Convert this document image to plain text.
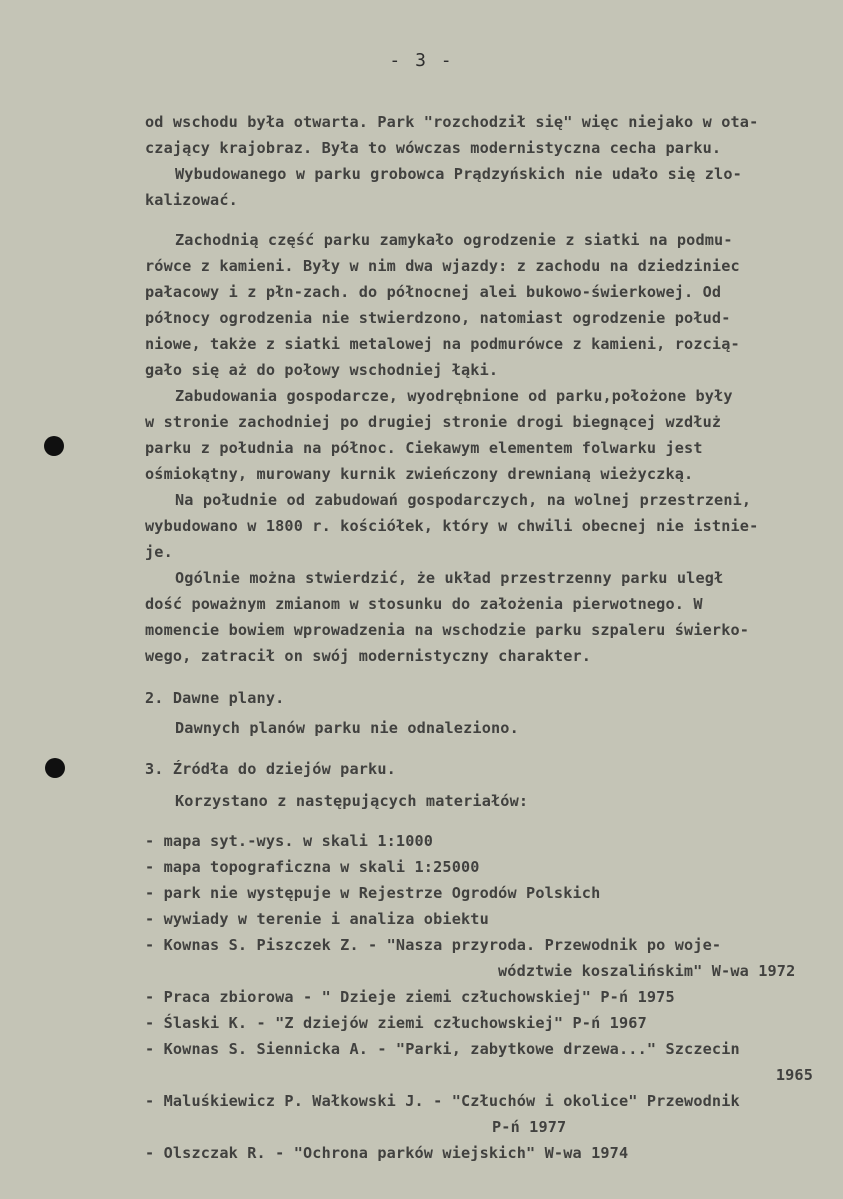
- 3 -
od wschodu była otwarta. Park "rozchodził się" więc niejako w ota-
czający krajobraz. Była to wówczas modernistyczna cecha parku.
Wybudowanego w parku grobowca Prądzyńskich nie udało się zlo-
kalizować.
Zachodnią część parku zamykało ogrodzenie z siatki na podmu-
rówce z kamieni. Były w nim dwa wjazdy: z zachodu na dziedziniec
pałacowy i z płn-zach. do północnej alei bukowo-świerkowej. Od
północy ogrodzenia nie stwierdzono, natomiast ogrodzenie połud-
niowe, także z siatki metalowej na podmurówce z kamieni, rozcią-
gało się aż do połowy wschodniej łąki.
Zabudowania gospodarcze, wyodrębnione od parku,położone były
w stronie zachodniej po drugiej stronie drogi biegnącej wzdłuż
parku z południa na północ. Ciekawym elementem folwarku jest
ośmiokątny, murowany kurnik zwieńczony drewnianą wieżyczką.
Na południe od zabudowań gospodarczych, na wolnej przestrzeni,
wybudowano w 1800 r. kościółek, który w chwili obecnej nie istnie-
je.
Ogólnie można stwierdzić, że układ przestrzenny parku uległ
dość poważnym zmianom w stosunku do założenia pierwotnego. W
momencie bowiem wprowadzenia na wschodzie parku szpaleru świerko-
wego, zatracił on swój modernistyczny charakter.
2. Dawne plany.
Dawnych planów parku nie odnaleziono.
3. Źródła do dziejów parku.
Korzystano z następujących materiałów:
- mapa syt.-wys. w skali 1:1000
- mapa topograficzna w skali 1:25000
- park nie występuje w Rejestrze Ogrodów Polskich
- wywiady w terenie i analiza obiektu
- Kownas S. Piszczek Z. - "Nasza przyroda. Przewodnik po woje-
wództwie koszalińskim" W-wa 1972
- Praca zbiorowa - " Dzieje ziemi człuchowskiej" P-ń 1975
- Ślaski K. - "Z dziejów ziemi człuchowskiej" P-ń 1967
- Kownas S. Siennicka A. - "Parki, zabytkowe drzewa..." Szczecin
1965
- Maluśkiewicz P. Wałkowski J. - "Człuchów i okolice" Przewodnik
P-ń 1977
- Olszczak R. - "Ochrona parków wiejskich" W-wa 1974
